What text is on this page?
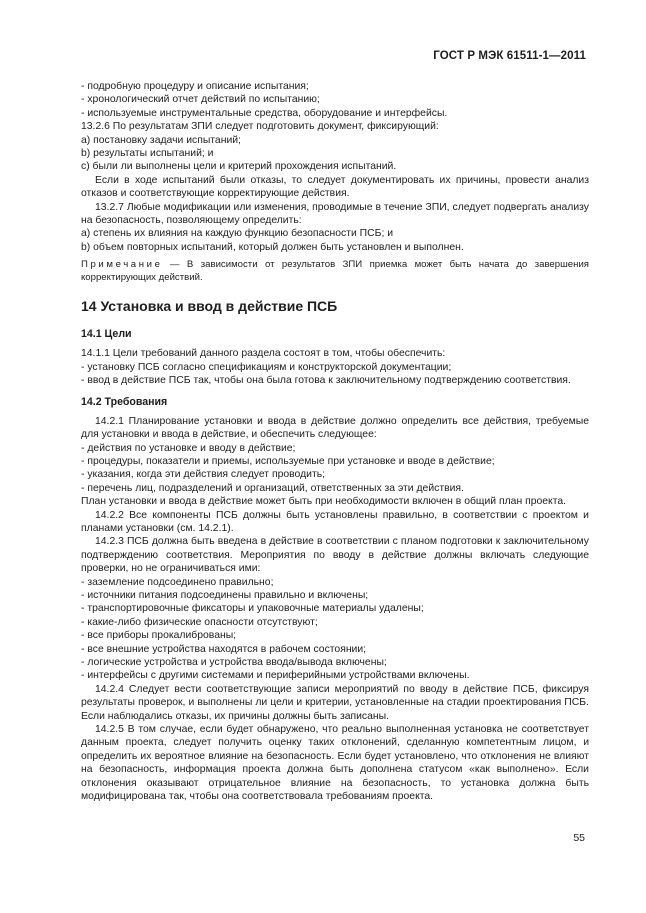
ГОСТ Р МЭК 61511-1—2011

- подробную процедуру и описание испытания;

- хронологический отчет действий по испытанию;

- используемые инструментальные средства, оборудование и интерфейсы.

13.2.6 По результатам ЗПИ следует подготовить документ, фиксирующий:

a) постановку задачи испытаний;

b) результаты испытаний; и

c) были ли выполнены цели и критерий прохождения испытаний.

Если в ходе испытаний были отказы, то следует документировать их причины, провести анализ отказов и соответствующие корректирующие действия.

13.2.7 Любые модификации или изменения, проводимые в течение ЗПИ, следует подвергать анализу на безопасность, позволяющему определить:

a) степень их влияния на каждую функцию безопасности ПСБ; и

b) объем повторных испытаний, который должен быть установлен и выполнен.

Примечание — В зависимости от результатов ЗПИ приемка может быть начата до завершения корректирующих действий.

14 Установка и ввод в действие ПСБ
14.1 Цели

14.1.1 Цели требований данного раздела состоят в том, чтобы обеспечить:

- установку ПСБ согласно спецификациям и конструкторской документации;

- ввод в действие ПСБ так, чтобы она была готова к заключительному подтверждению соответствия.

14.2 Требования

14.2.1 Планирование установки и ввода в действие должно определить все действия, требуемые для установки и ввода в действие, и обеспечить следующее:

- действия по установке и вводу в действие;

- процедуры, показатели и приемы, используемые при установке и вводе в действие;

- указания, когда эти действия следует проводить;

- перечень лиц, подразделений и организаций, ответственных за эти действия.

План установки и ввода в действие может быть при необходимости включен в общий план проекта.

14.2.2 Все компоненты ПСБ должны быть установлены правильно, в соответствии с проектом и планами установки (см. 14.2.1).

14.2.3 ПСБ должна быть введена в действие в соответствии с планом подготовки к заключительному подтверждению соответствия. Мероприятия по вводу в действие должны включать следующие проверки, но не ограничиваться ими:

- заземление подсоединено правильно;

- источники питания подсоединены правильно и включены;

- транспортировочные фиксаторы и упаковочные материалы удалены;

- какие-либо физические опасности отсутствуют;

- все приборы прокалиброваны;

- все внешние устройства находятся в рабочем состоянии;

- логические устройства и устройства ввода/вывода включены;

- интерфейсы с другими системами и периферийными устройствами включены.

14.2.4 Следует вести соответствующие записи мероприятий по вводу в действие ПСБ, фиксируя результаты проверок, и выполнены ли цели и критерии, установленные на стадии проектирования ПСБ. Если наблюдались отказы, их причины должны быть записаны.

14.2.5 В том случае, если будет обнаружено, что реально выполненная установка не соответствует данным проекта, следует получить оценку таких отклонений, сделанную компетентным лицом, и определить их вероятное влияние на безопасность. Если будет установлено, что отклонения не влияют на безопасность, информация проекта должна быть дополнена статусом «как выполнено». Если отклонения оказывают отрицательное влияние на безопасность, то установка должна быть модифицирована так, чтобы она соответствовала требованиям проекта.

55
